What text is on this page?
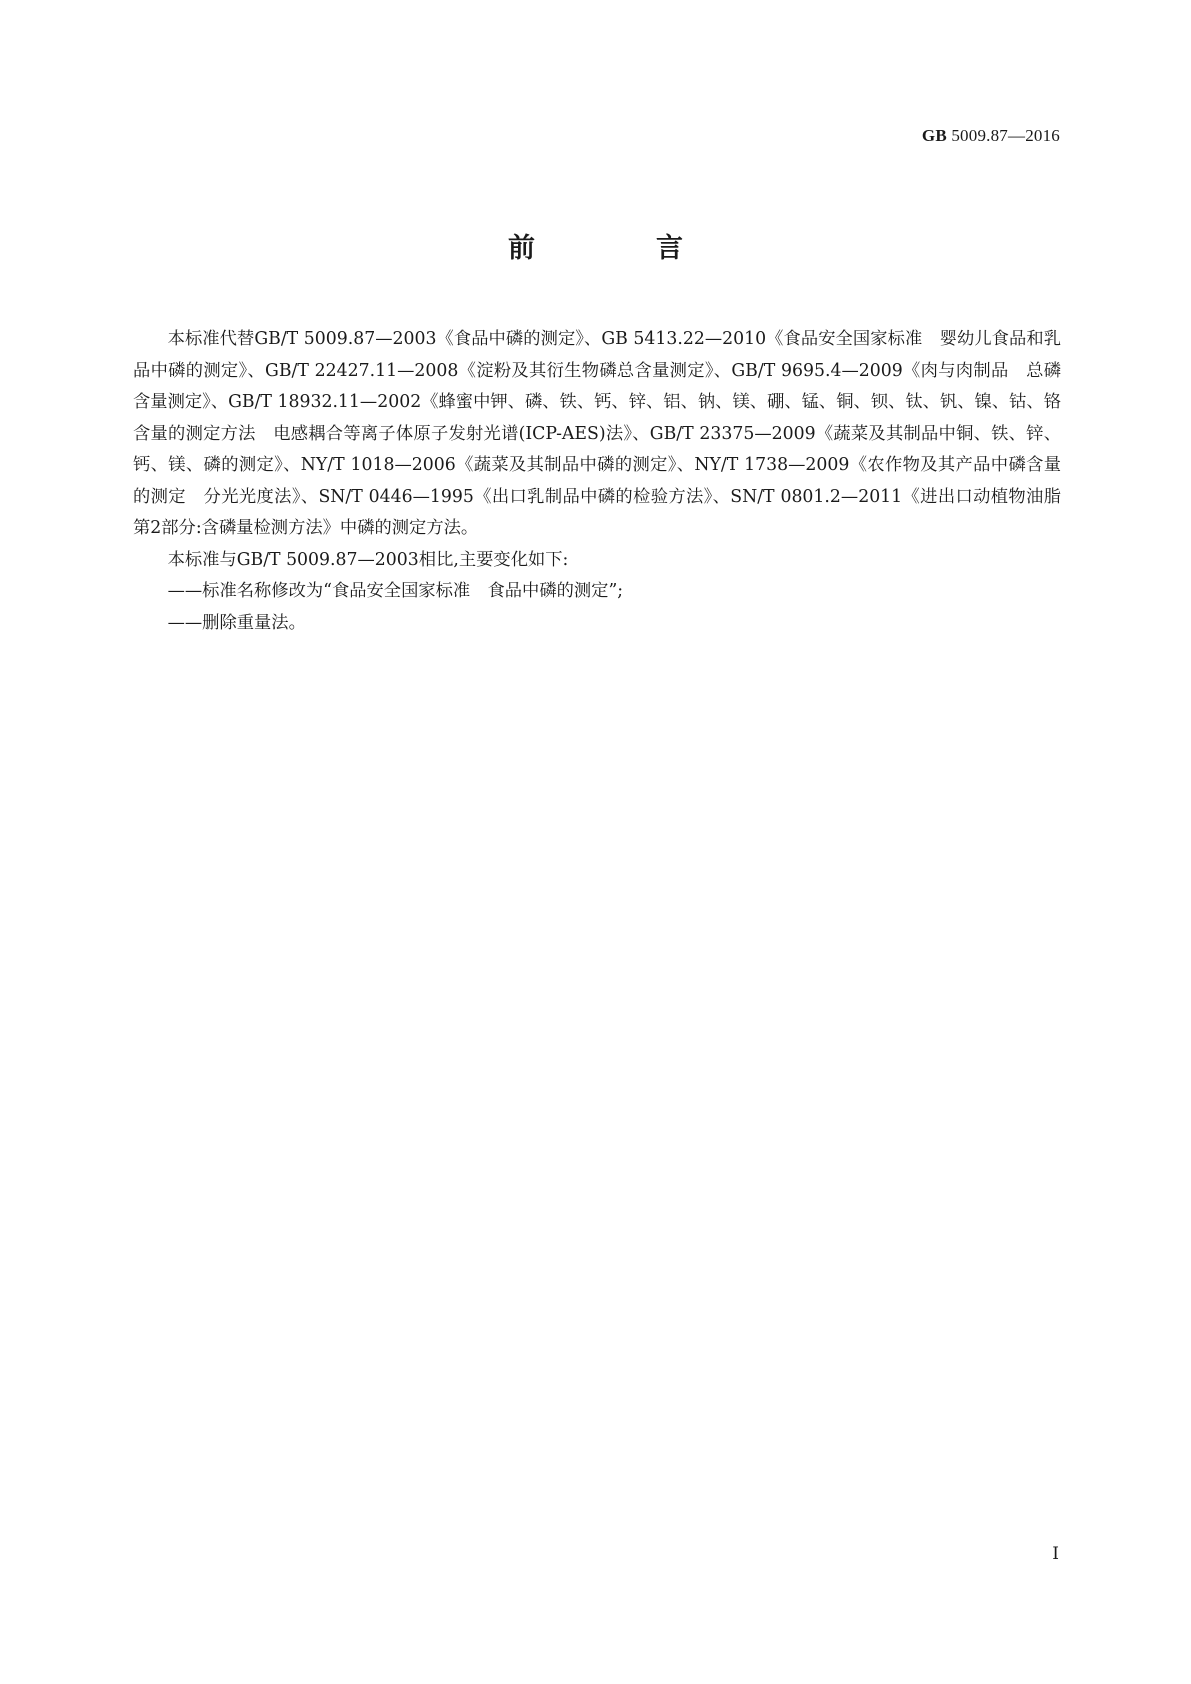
GB 5009.87—2016
前　言

本标准代替GB/T 5009.87—2003《食品中磷的测定》、GB 5413.22—2010《食品安全国家标准　婴幼儿食品和乳品中磷的测定》、GB/T 22427.11—2008《淀粉及其衍生物磷总含量测定》、GB/T 9695.4—2009《肉与肉制品　总磷含量测定》、GB/T 18932.11—2002《蜂蜜中钾、磷、铁、钙、锌、铝、钠、镁、硼、锰、铜、钡、钛、钒、镍、钴、铬含量的测定方法　电感耦合等离子体原子发射光谱(ICP-AES)法》、GB/T 23375—2009《蔬菜及其制品中铜、铁、锌、钙、镁、磷的测定》、NY/T 1018—2006《蔬菜及其制品中磷的测定》、NY/T 1738—2009《农作物及其产品中磷含量的测定　分光光度法》、SN/T 0446—1995《出口乳制品中磷的检验方法》、SN/T 0801.2—2011《进出口动植物油脂　第2部分:含磷量检测方法》中磷的测定方法。

本标准与GB/T 5009.87—2003相比,主要变化如下:

——标准名称修改为“食品安全国家标准　食品中磷的测定”;

——删除重量法。

Ⅰ
